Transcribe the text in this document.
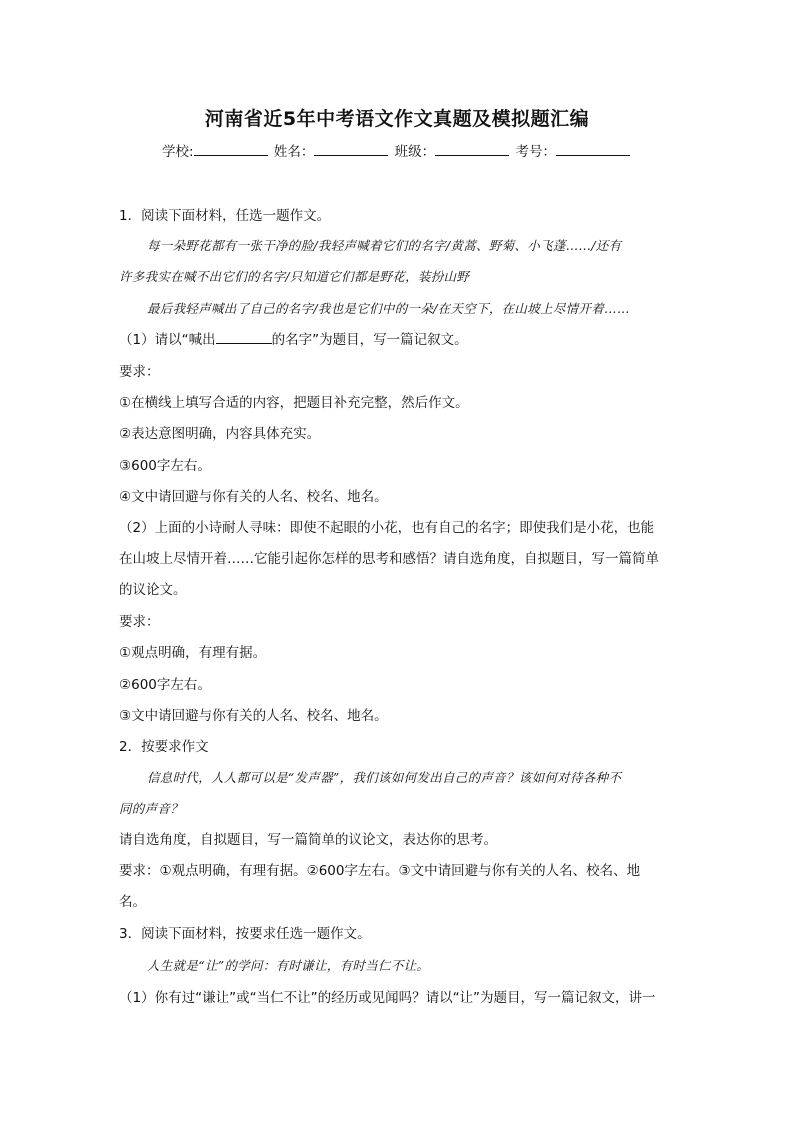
河南省近5年中考语文作文真题及模拟题汇编
学校:	姓名：	班级：	考号：
1．阅读下面材料，任选一题作文。
每一朵野花都有一张干净的脸/我轻声喊着它们的名字/黄蒿、野菊、小飞蓬……/还有
许多我实在喊不出它们的名字/只知道它们都是野花，装扮山野
最后我轻声喊出了自己的名字/我也是它们中的一朵/在天空下，在山坡上尽情开着……
（1）请以“喊出	的名字”为题目，写一篇记叙文。
要求：
①在横线上填写合适的内容，把题目补充完整，然后作文。
②表达意图明确，内容具体充实。
③600字左右。
④文中请回避与你有关的人名、校名、地名。
（2）上面的小诗耐人寻味：即使不起眼的小花，也有自己的名字；即使我们是小花，也能
在山坡上尽情开着……它能引起你怎样的思考和感悟？请自选角度，自拟题目，写一篇简单
的议论文。
要求：
①观点明确，有理有据。
②600字左右。
③文中请回避与你有关的人名、校名、地名。
2．按要求作文
信息时代，人人都可以是“发声器”，我们该如何发出自己的声音？该如何对待各种不
同的声音？
请自选角度，自拟题目，写一篇简单的议论文，表达你的思考。
要求：①观点明确，有理有据。②600字左右。③文中请回避与你有关的人名、校名、地
名。
3．阅读下面材料，按要求任选一题作文。
人生就是“让”的学问：有时谦让，有时当仁不让。
（1）你有过“谦让”或“当仁不让”的经历或见闻吗？请以“让”为题目，写一篇记叙文，讲一
